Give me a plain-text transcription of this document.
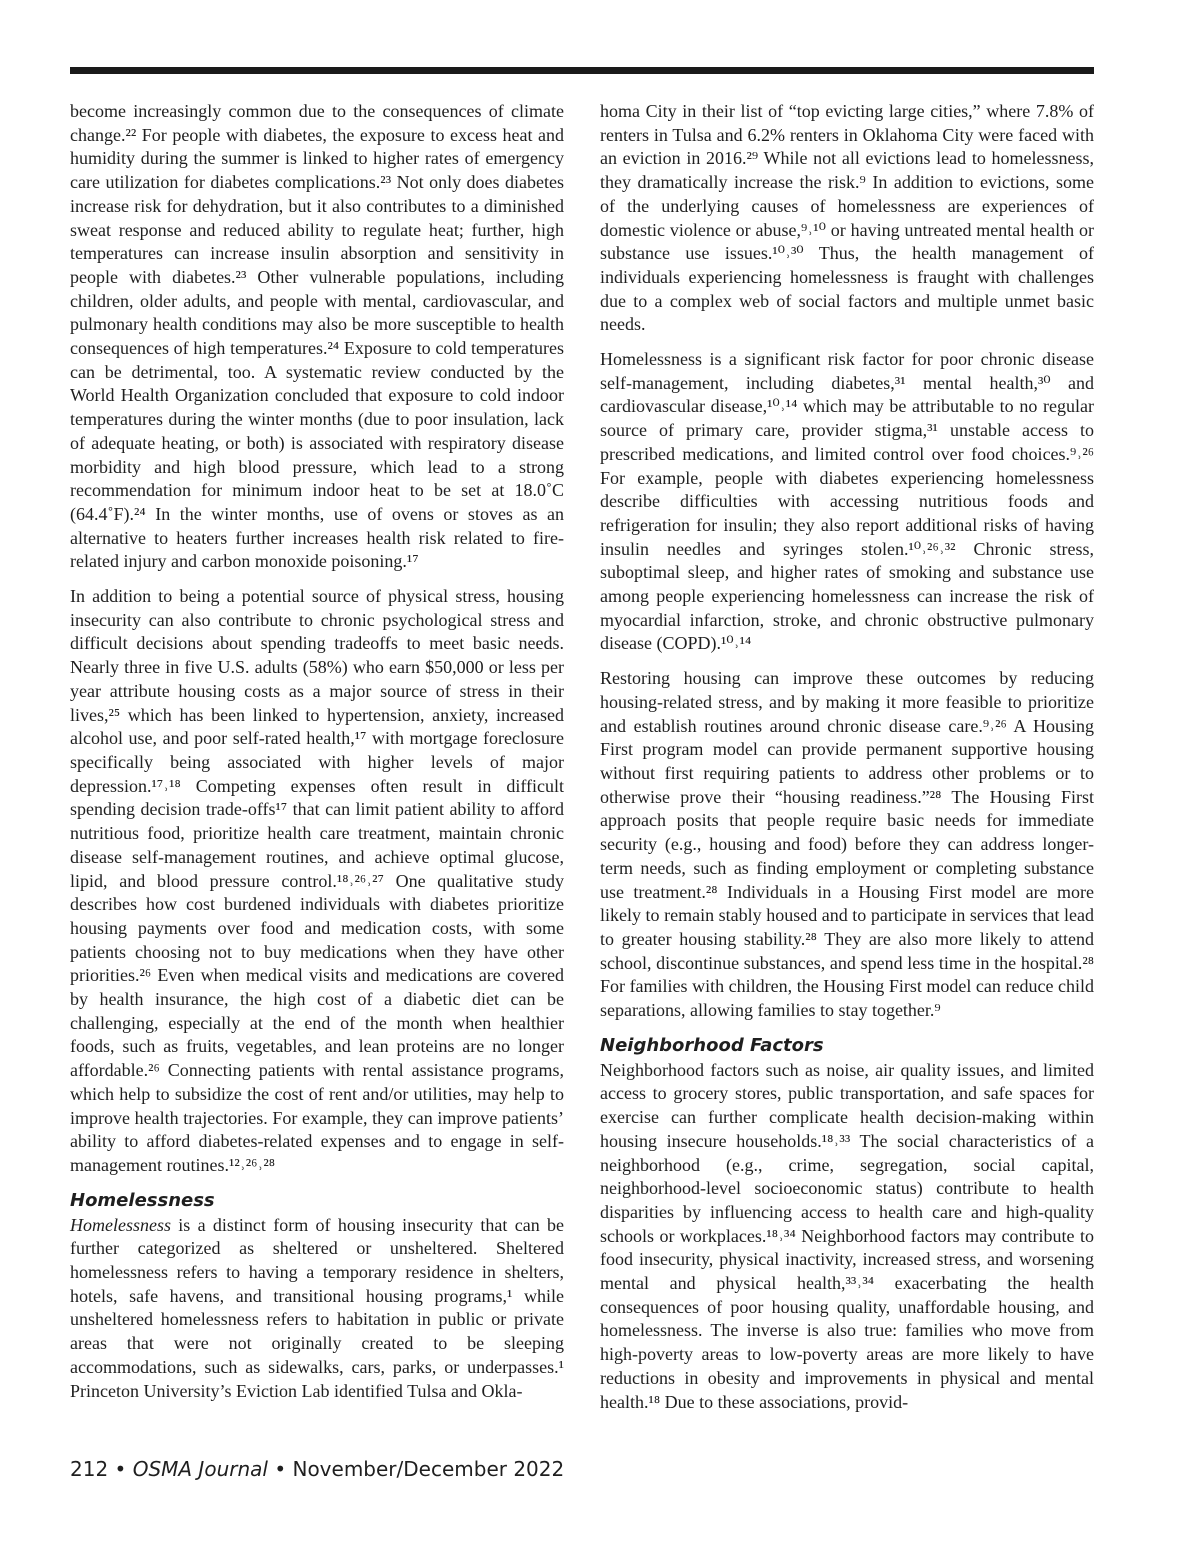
become increasingly common due to the consequences of climate change.²² For people with diabetes, the exposure to excess heat and humidity during the summer is linked to higher rates of emergency care utilization for diabetes complications.²³ Not only does diabetes increase risk for dehydration, but it also contributes to a diminished sweat response and reduced ability to regulate heat; further, high temperatures can increase insulin absorption and sensitivity in people with diabetes.²³ Other vulnerable populations, including children, older adults, and people with mental, cardiovascular, and pulmonary health conditions may also be more susceptible to health consequences of high temperatures.²⁴ Exposure to cold temperatures can be detrimental, too. A systematic review conducted by the World Health Organization concluded that exposure to cold indoor temperatures during the winter months (due to poor insulation, lack of adequate heating, or both) is associated with respiratory disease morbidity and high blood pressure, which lead to a strong recommendation for minimum indoor heat to be set at 18.0˚C (64.4˚F).²⁴ In the winter months, use of ovens or stoves as an alternative to heaters further increases health risk related to fire-related injury and carbon monoxide poisoning.¹⁷

In addition to being a potential source of physical stress, housing insecurity can also contribute to chronic psychological stress and difficult decisions about spending tradeoffs to meet basic needs. Nearly three in five U.S. adults (58%) who earn $50,000 or less per year attribute housing costs as a major source of stress in their lives,²⁵ which has been linked to hypertension, anxiety, increased alcohol use, and poor self-rated health,¹⁷ with mortgage foreclosure specifically being associated with higher levels of major depression.¹⁷˒¹⁸ Competing expenses often result in difficult spending decision trade-offs¹⁷ that can limit patient ability to afford nutritious food, prioritize health care treatment, maintain chronic disease self-management routines, and achieve optimal glucose, lipid, and blood pressure control.¹⁸˒²⁶˒²⁷ One qualitative study describes how cost burdened individuals with diabetes prioritize housing payments over food and medication costs, with some patients choosing not to buy medications when they have other priorities.²⁶ Even when medical visits and medications are covered by health insurance, the high cost of a diabetic diet can be challenging, especially at the end of the month when healthier foods, such as fruits, vegetables, and lean proteins are no longer affordable.²⁶ Connecting patients with rental assistance programs, which help to subsidize the cost of rent and/or utilities, may help to improve health trajectories. For example, they can improve patients’ ability to afford diabetes-related expenses and to engage in self-management routines.¹²˒²⁶˒²⁸

Homelessness

Homelessness is a distinct form of housing insecurity that can be further categorized as sheltered or unsheltered. Sheltered homelessness refers to having a temporary residence in shelters, hotels, safe havens, and transitional housing programs,¹ while unsheltered homelessness refers to habitation in public or private areas that were not originally created to be sleeping accommodations, such as sidewalks, cars, parks, or underpasses.¹ Princeton University’s Eviction Lab identified Tulsa and Okla-

homa City in their list of “top evicting large cities,” where 7.8% of renters in Tulsa and 6.2% renters in Oklahoma City were faced with an eviction in 2016.²⁹ While not all evictions lead to homelessness, they dramatically increase the risk.⁹ In addition to evictions, some of the underlying causes of homelessness are experiences of domestic violence or abuse,⁹˒¹⁰ or having untreated mental health or substance use issues.¹⁰˒³⁰ Thus, the health management of individuals experiencing homelessness is fraught with challenges due to a complex web of social factors and multiple unmet basic needs.

Homelessness is a significant risk factor for poor chronic disease self-management, including diabetes,³¹ mental health,³⁰ and cardiovascular disease,¹⁰˒¹⁴ which may be attributable to no regular source of primary care, provider stigma,³¹ unstable access to prescribed medications, and limited control over food choices.⁹˒²⁶ For example, people with diabetes experiencing homelessness describe difficulties with accessing nutritious foods and refrigeration for insulin; they also report additional risks of having insulin needles and syringes stolen.¹⁰˒²⁶˒³² Chronic stress, suboptimal sleep, and higher rates of smoking and substance use among people experiencing homelessness can increase the risk of myocardial infarction, stroke, and chronic obstructive pulmonary disease (COPD).¹⁰˒¹⁴

Restoring housing can improve these outcomes by reducing housing-related stress, and by making it more feasible to prioritize and establish routines around chronic disease care.⁹˒²⁶ A Housing First program model can provide permanent supportive housing without first requiring patients to address other problems or to otherwise prove their “housing readiness.”²⁸ The Housing First approach posits that people require basic needs for immediate security (e.g., housing and food) before they can address longer-term needs, such as finding employment or completing substance use treatment.²⁸ Individuals in a Housing First model are more likely to remain stably housed and to participate in services that lead to greater housing stability.²⁸ They are also more likely to attend school, discontinue substances, and spend less time in the hospital.²⁸ For families with children, the Housing First model can reduce child separations, allowing families to stay together.⁹

Neighborhood Factors

Neighborhood factors such as noise, air quality issues, and limited access to grocery stores, public transportation, and safe spaces for exercise can further complicate health decision-making within housing insecure households.¹⁸˒³³ The social characteristics of a neighborhood (e.g., crime, segregation, social capital, neighborhood-level socioeconomic status) contribute to health disparities by influencing access to health care and high-quality schools or workplaces.¹⁸˒³⁴ Neighborhood factors may contribute to food insecurity, physical inactivity, increased stress, and worsening mental and physical health,³³˒³⁴ exacerbating the health consequences of poor housing quality, unaffordable housing, and homelessness. The inverse is also true: families who move from high-poverty areas to low-poverty areas are more likely to have reductions in obesity and improvements in physical and mental health.¹⁸ Due to these associations, provid-

212 • OSMA Journal • November/December 2022
